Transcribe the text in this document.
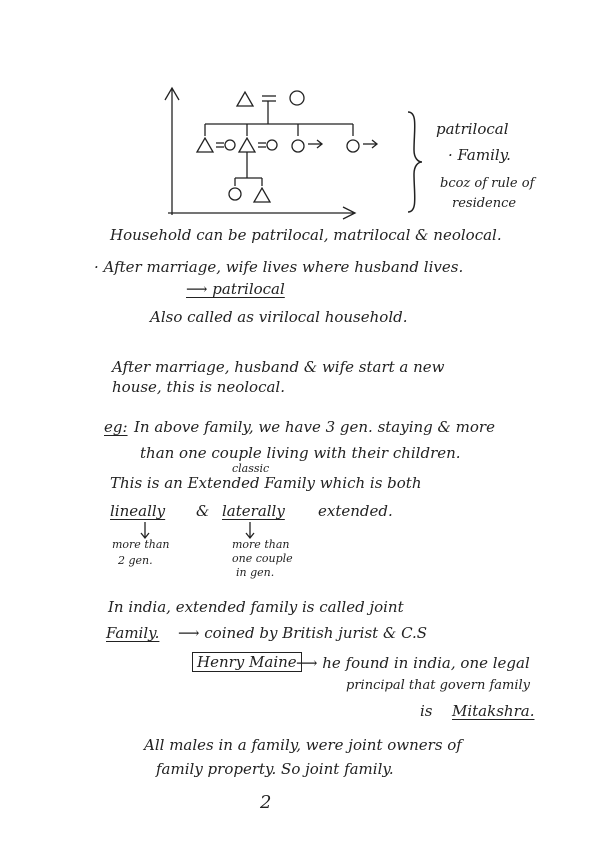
patrilocal
· Family.
bcoz of rule of
residence
Household can be patrilocal, matrilocal & neolocal.
· After marriage, wife lives where husband lives.
⟶ patrilocal
Also called as virilocal household.
After marriage, husband & wife start a new
house, this is neolocal.
eg: In above family, we have 3 gen. staying & more
than one couple living with their children.
classic
This is an Extended Family which is both
lineally & laterally extended.
more than
2 gen.
more than
one couple
in gen.
In india, extended family is called joint
Family. ⟶ coined by British jurist & C.S
Henry Maine ⟶ he found in india, one legal
principal that govern family
is Mitakshra.
All males in a family, were joint owners of
family property. So joint family.
2
